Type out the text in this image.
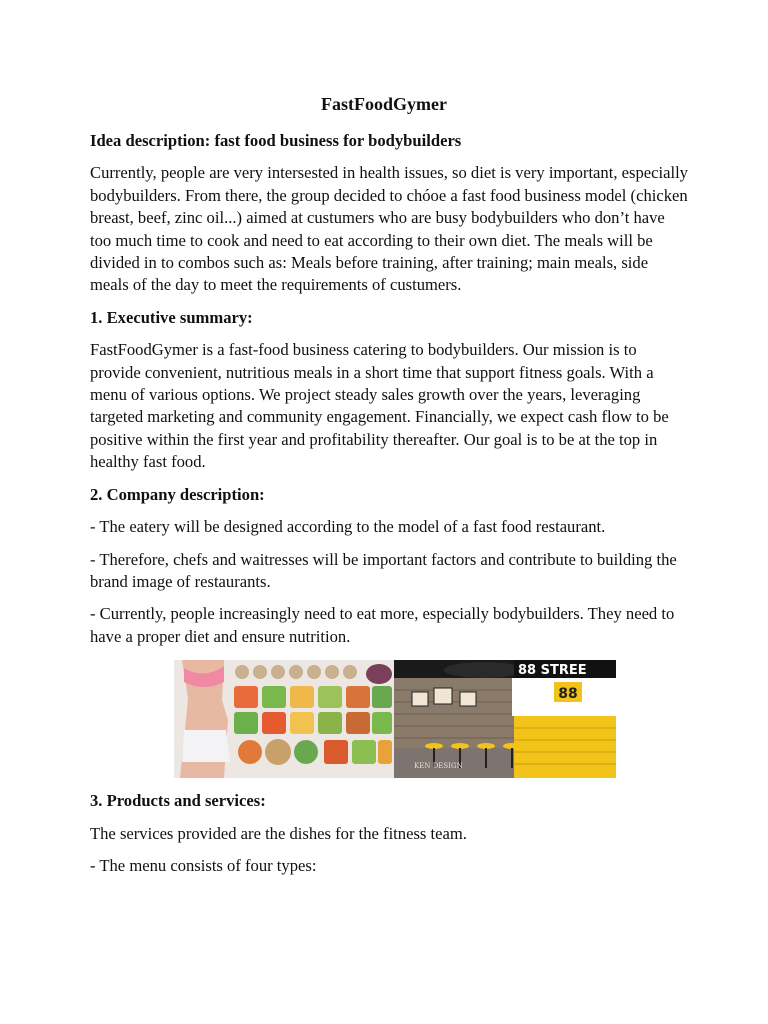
FastFoodGymer
Idea description: fast food business for bodybuilders
Currently, people are very intersested in health issues, so diet is very important, especially bodybuilders. From there, the group decided to chóoe a fast food business model (chicken breast, beef, zinc oil...) aimed at custumers who are busy bodybuilders who don’t have too much time to cook and need to eat according to their own diet. The meals will be divided in to combos such as: Meals before training, after training; main meals, side meals of the day to meet the requirements of custumers.
1. Executive summary:
FastFoodGymer is a fast-food business catering to bodybuilders. Our mission is to provide convenient, nutritious meals in a short time that support fitness goals. With a menu of various options. We project steady sales growth over the years, leveraging targeted marketing and community engagement. Financially, we expect cash flow to be positive within the first year and profitability thereafter. Our goal is to be at the top in healthy fast food.
2. Company description:
- The eatery will be designed according to the model of a fast food restaurant.
- Therefore, chefs and waitresses will be important factors and contribute to building the brand image of restaurants.
- Currently, people increasingly need to eat more, especially bodybuilders. They need to have a proper diet and ensure nutrition.
88
88 STREE
KEN DESIGN
3. Products and services:
The services provided are the dishes for the fitness team.
- The menu consists of four types:
